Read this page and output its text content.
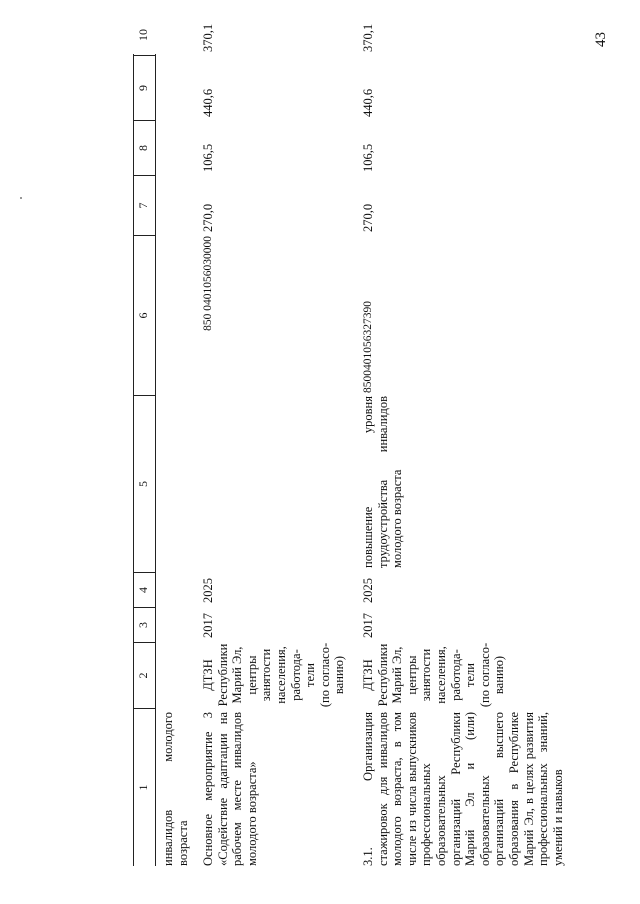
43
1
2
3
4
5
6
7
8
9
10
инвалидов молодого возраста Основное мероприятие 3 «Содействие адаптации на рабочем месте инвалидов молодого возраста»
ДТЗН Республики Марий Эл, центры занятости населения, работода-
тели
(по согласо-
ванию)
2017
2025
850 0401056030000
270,0
106,5
440,6
370,1
3.1. Организация стажировок для инвалидов молодого возраста, в том числе из числа выпускников профессиональных образовательных организаций Республики Марий Эл и (или) образовательных организаций высшего образования в Республике Марий Эл, в целях развития профессиональных знаний, умений и навыков
ДТЗН Республики Марий Эл, центры занятости населения, работода-
тели
(по согласо-
ванию)
2017
2025
повышение уровня трудоустройства инвалидов молодого возраста
8500401056327390
270,0
106,5
440,6
370,1
